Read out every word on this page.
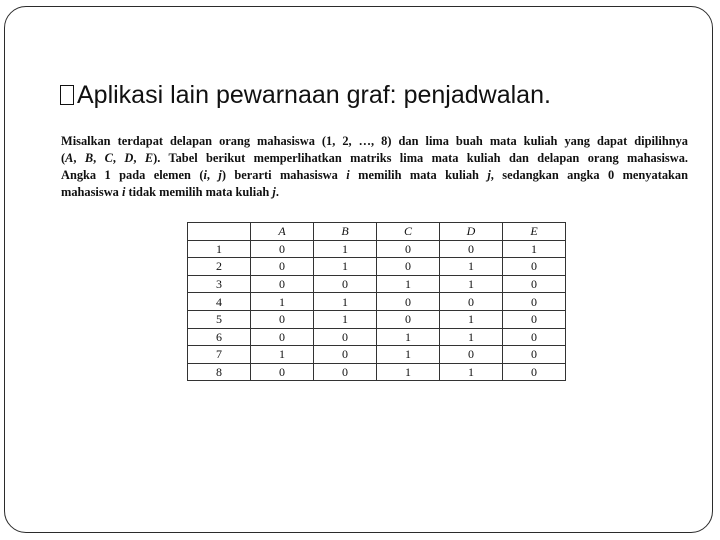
Aplikasi lain pewarnaan graf: penjadwalan.
Misalkan terdapat delapan orang mahasiswa (1, 2, …, 8) dan lima buah mata kuliah yang dapat dipilihnya
(A, B, C, D, E). Tabel berikut memperlihatkan matriks lima mata kuliah dan delapan orang mahasiswa.
Angka 1 pada elemen (i, j) berarti mahasiswa i memilih mata kuliah j, sedangkan angka 0 menyatakan
mahasiswa i tidak memilih mata kuliah j.
	A	B	C	D	E
1	0	1	0	0	1
2	0	1	0	1	0
3	0	0	1	1	0
4	1	1	0	0	0
5	0	1	0	1	0
6	0	0	1	1	0
7	1	0	1	0	0
8	0	0	1	1	0
